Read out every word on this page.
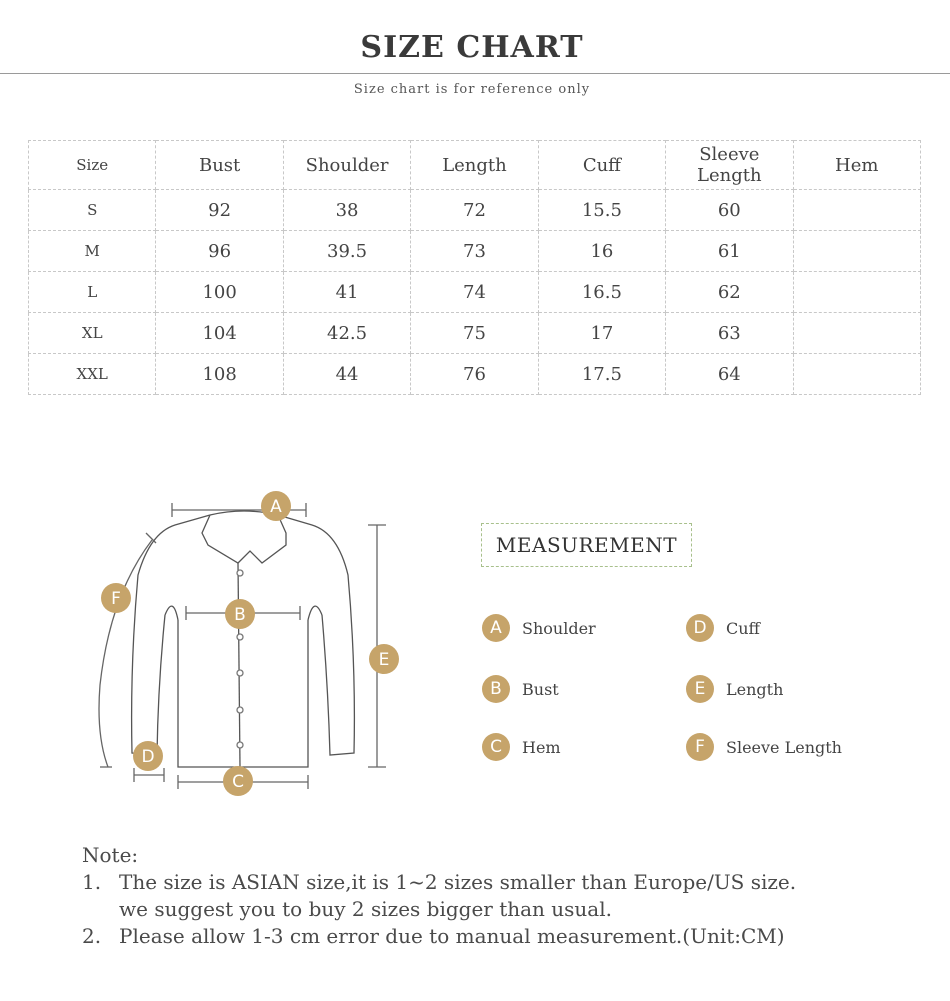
SIZE CHART
Size chart is for reference only
Size	Bust	Shoulder	Length	Cuff	Sleeve Length	Hem
S	92	38	72	15.5	60	
M	96	39.5	73	16	61	
L	100	41	74	16.5	62	
XL	104	42.5	75	17	63	
XXL	108	44	76	17.5	64	
A
B
C
D
E
F
MEASUREMENT
A	Shoulder
B	Bust
C	Hem
D	Cuff
E	Length
F	Sleeve Length
Note:
1. The size is ASIAN size,it is 1~2 sizes smaller than Europe/US size.
we suggest you to buy 2 sizes bigger than usual.
2. Please allow 1-3 cm error due to manual measurement.(Unit:CM)
